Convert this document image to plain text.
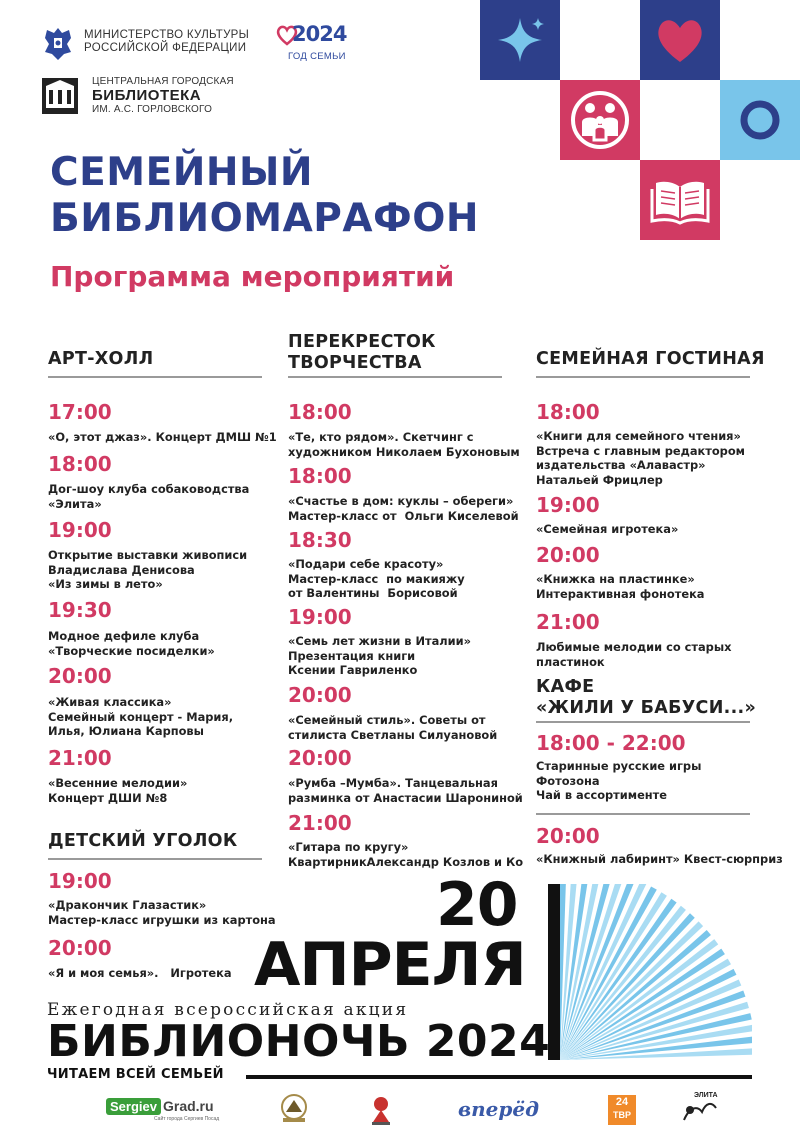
МИНИСТЕРСТВО КУЛЬТУРЫ
РОССИЙСКОЙ ФЕДЕРАЦИИ
2024
ГОД СЕМЬИ
ЦЕНТРАЛЬНАЯ ГОРОДСКАЯ
БИБЛИОТЕКА
ИМ. А.С. ГОРЛОВСКОГО
СЕМЕЙНЫЙ
БИБЛИОМАРАФОН
Программа мероприятий
АРТ-ХОЛЛ
17:00
«О, этот джаз». Концерт ДМШ №1
18:00
Дог-шоу клуба собаководства
«Элита»
19:00
Открытие выставки живописи
Владислава Денисова
«Из зимы в лето»
19:30
Модное дефиле клуба
«Творческие посиделки»
20:00
«Живая классика»
Семейный концерт - Мария,
Илья, Юлиана Карповы
21:00
«Весенние мелодии»
Концерт ДШИ №8
ДЕТСКИЙ УГОЛОК
19:00
«Дракончик Глазастик»
Мастер-класс игрушки из картона
20:00
«Я и моя семья».   Игротека
ПЕРЕКРЕСТОК
ТВОРЧЕСТВА
18:00
«Те, кто рядом». Скетчинг с
художником Николаем Бухоновым
18:00
«Счастье в дом: куклы – обереги»
Мастер-класс от  Ольги Киселевой
18:30
«Подари себе красоту»
Мастер-класс  по макияжу
от Валентины  Борисовой
19:00
«Семь лет жизни в Италии»
Презентация книги
Ксении Гавриленко
20:00
«Семейный стиль». Советы от
стилиста Светланы Силуановой
20:00
«Румба –Мумба». Танцевальная
разминка от Анастасии Шарониной
21:00
«Гитара по кругу»
КвартирникАлександр Козлов и Ко
СЕМЕЙНАЯ ГОСТИНАЯ
18:00
«Книги для семейного чтения»
Встреча с главным редактором
издательства «Алавастр»
Натальей Фрицлер
19:00
«Семейная игротека»
20:00
«Книжка на пластинке»
Интерактивная фонотека
21:00
Любимые мелодии со старых
пластинок
КАФЕ
«ЖИЛИ У БАБУСИ...»
18:00 - 22:00
Старинные русские игры
Фотозона
Чай в ассортименте
20:00
«Книжный лабиринт» Квест-сюрприз
20
АПРЕЛЯ
Ежегодная всероссийская акция
БИБЛИОНОЧЬ 2024
ЧИТАЕМ ВСЕЙ СЕМЬЕЙ
Sergiev Grad.ru
Сайт города Сергиев Посад	вперёд	24
ТВР
ЭЛИТА
